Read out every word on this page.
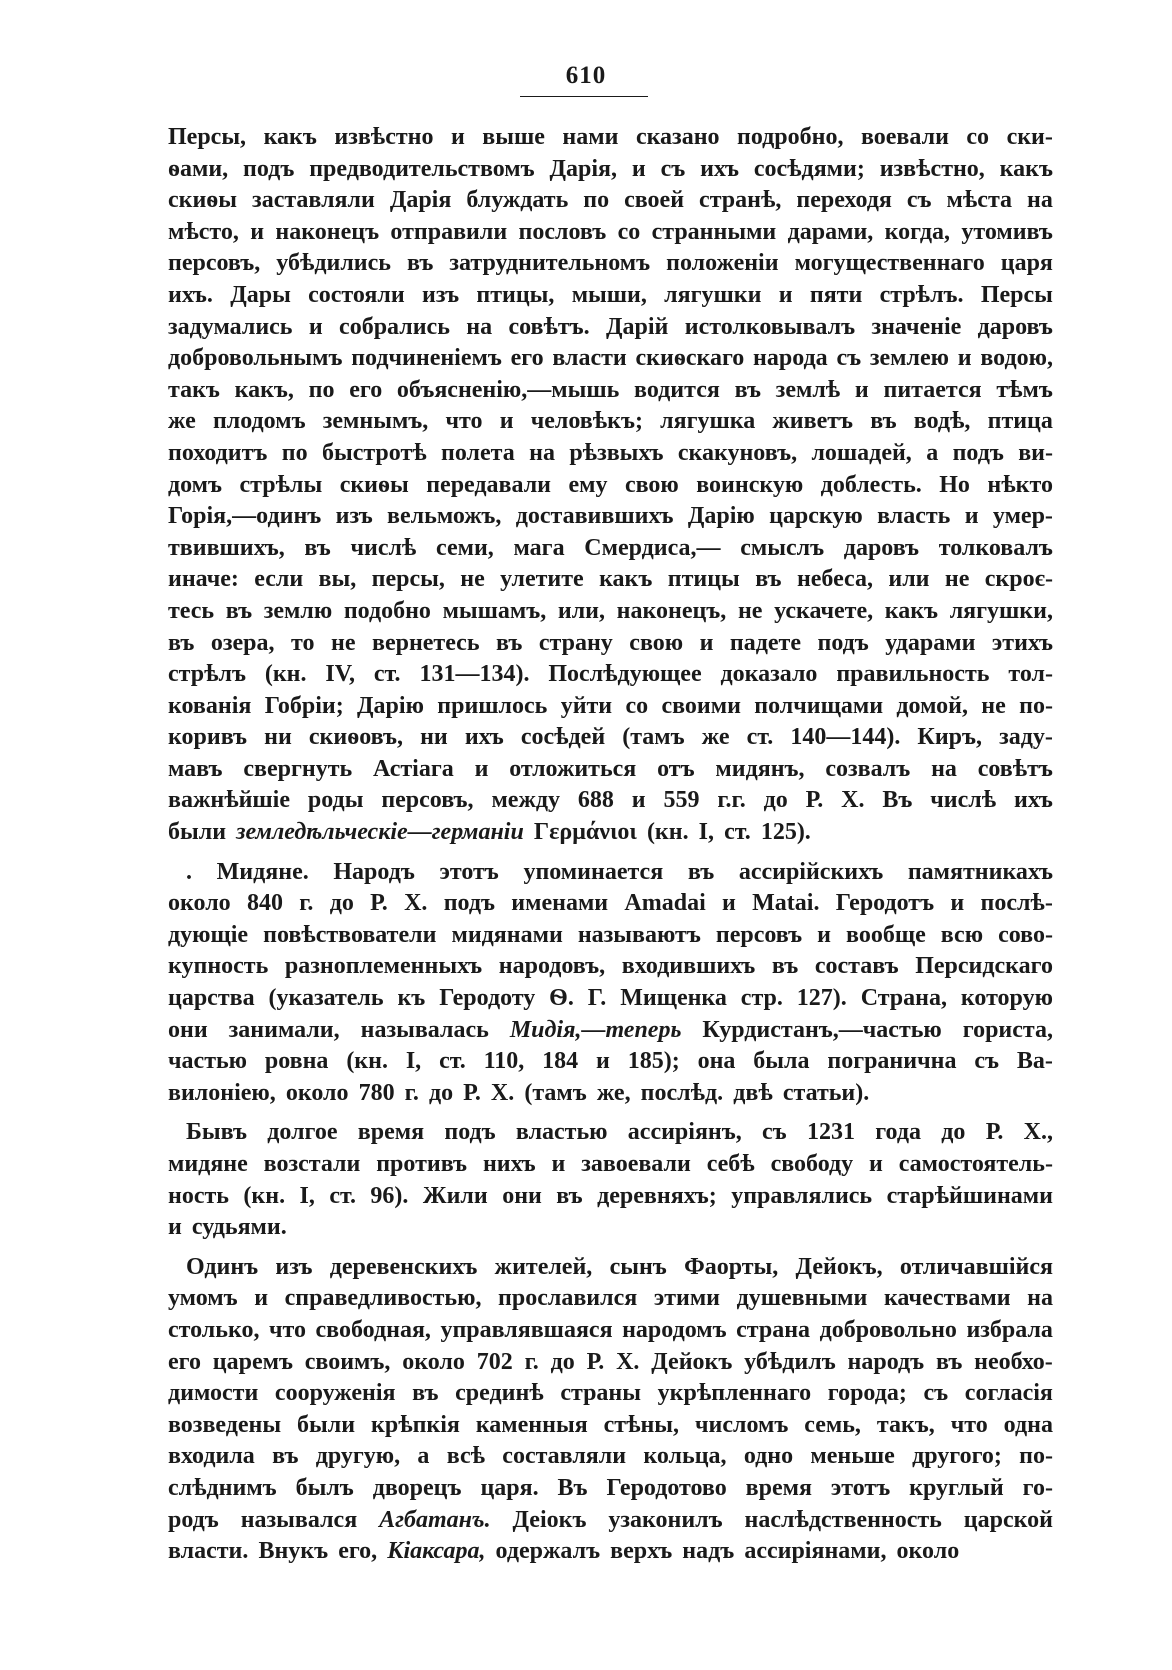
610
Персы, какъ извѣстно и выше нами сказано подробно, воевали со ски-
ѳами, подъ предводительствомъ Дарія, и съ ихъ сосѣдями; извѣстно, какъ
скиѳы заставляли Дарія блуждать по своей странѣ, переходя съ мѣста на
мѣсто, и наконецъ отправили пословъ со странными дарами, когда, утомивъ
персовъ, убѣдились въ затруднительномъ положеніи могущественнаго царя
ихъ. Дары состояли изъ птицы, мыши, лягушки и пяти стрѣлъ. Персы
задумались и собрались на совѣтъ. Дарій истолковывалъ значеніе даровъ
добровольнымъ подчиненіемъ его власти скиѳскаго народа съ землею и водою,
такъ какъ, по его объясненію,—мышь водится въ землѣ и питается тѣмъ
же плодомъ земнымъ, что и человѣкъ; лягушка живетъ въ водѣ, птица
походитъ по быстротѣ полета на рѣзвыхъ скакуновъ, лошадей, а подъ ви-
домъ стрѣлы скиѳы передавали ему свою воинскую доблесть. Но нѣкто
Горія,—одинъ изъ вельможъ, доставившихъ Дарію царскую власть и умер-
твившихъ, въ числѣ семи, мага Смердиса,— смыслъ даровъ толковалъ
иначе: если вы, персы, не улетите какъ птицы въ небеса, или не скроє-
тесь въ землю подобно мышамъ, или, наконецъ, не ускачете, какъ лягушки,
въ озера, то не вернетесь въ страну свою и падете подъ ударами этихъ
стрѣлъ (кн. IV, ст. 131—134). Послѣдующее доказало правильность тол-
кованія Гобріи; Дарію пришлось уйти со своими полчищами домой, не по-
коривъ ни скиѳовъ, ни ихъ сосѣдей (тамъ же ст. 140—144). Киръ, заду-
мавъ свергнуть Астіага и отложиться отъ мидянъ, созвалъ на совѣтъ
важнѣйшіе роды персовъ, между 688 и 559 г.г. до Р. Х. Въ числѣ ихъ
были земледѣльческіе—германіи Γερμάνιοι (кн. I, ст. 125).
. Мидяне. Народъ этотъ упоминается въ ассирійскихъ памятникахъ
около 840 г. до Р. Х. подъ именами Amadai и Matai. Геродотъ и послѣ-
дующіе повѣствователи мидянами называютъ персовъ и вообще всю сово-
купность разноплеменныхъ народовъ, входившихъ въ составъ Персидскаго
царства (указатель къ Геродоту Ѳ. Г. Мищенка стр. 127). Страна, которую
они занимали, называлась Мидія,—теперь Курдистанъ,—частью гориста,
частью ровна (кн. I, ст. 110, 184 и 185); она была погранична съ Ва-
вилоніею, около 780 г. до Р. Х. (тамъ же, послѣд. двѣ статьи).
Бывъ долгое время подъ властью ассиріянъ, съ 1231 года до Р. Х.,
мидяне возстали противъ нихъ и завоевали себѣ свободу и самостоятель-
ность (кн. I, ст. 96). Жили они въ деревняхъ; управлялись старѣйшинами
и судьями.
Одинъ изъ деревенскихъ жителей, сынъ Фаорты, Дейокъ, отличавшійся
умомъ и справедливостью, прославился этими душевными качествами на
столько, что свободная, управлявшаяся народомъ страна добровольно избрала
его царемъ своимъ, около 702 г. до Р. Х. Дейокъ убѣдилъ народъ въ необхо-
димости сооруженія въ срединѣ страны укрѣпленнаго города; съ согласія
возведены были крѣпкія каменныя стѣны, числомъ семь, такъ, что одна
входила въ другую, а всѣ составляли кольца, одно меньше другого; по-
слѣднимъ былъ дворецъ царя. Въ Геродотово время этотъ круглый го-
родъ назывался Агбатанъ. Деіокъ узаконилъ наслѣдственность царской
власти. Внукъ его, Кіаксара, одержалъ верхъ надъ ассиріянами, около
